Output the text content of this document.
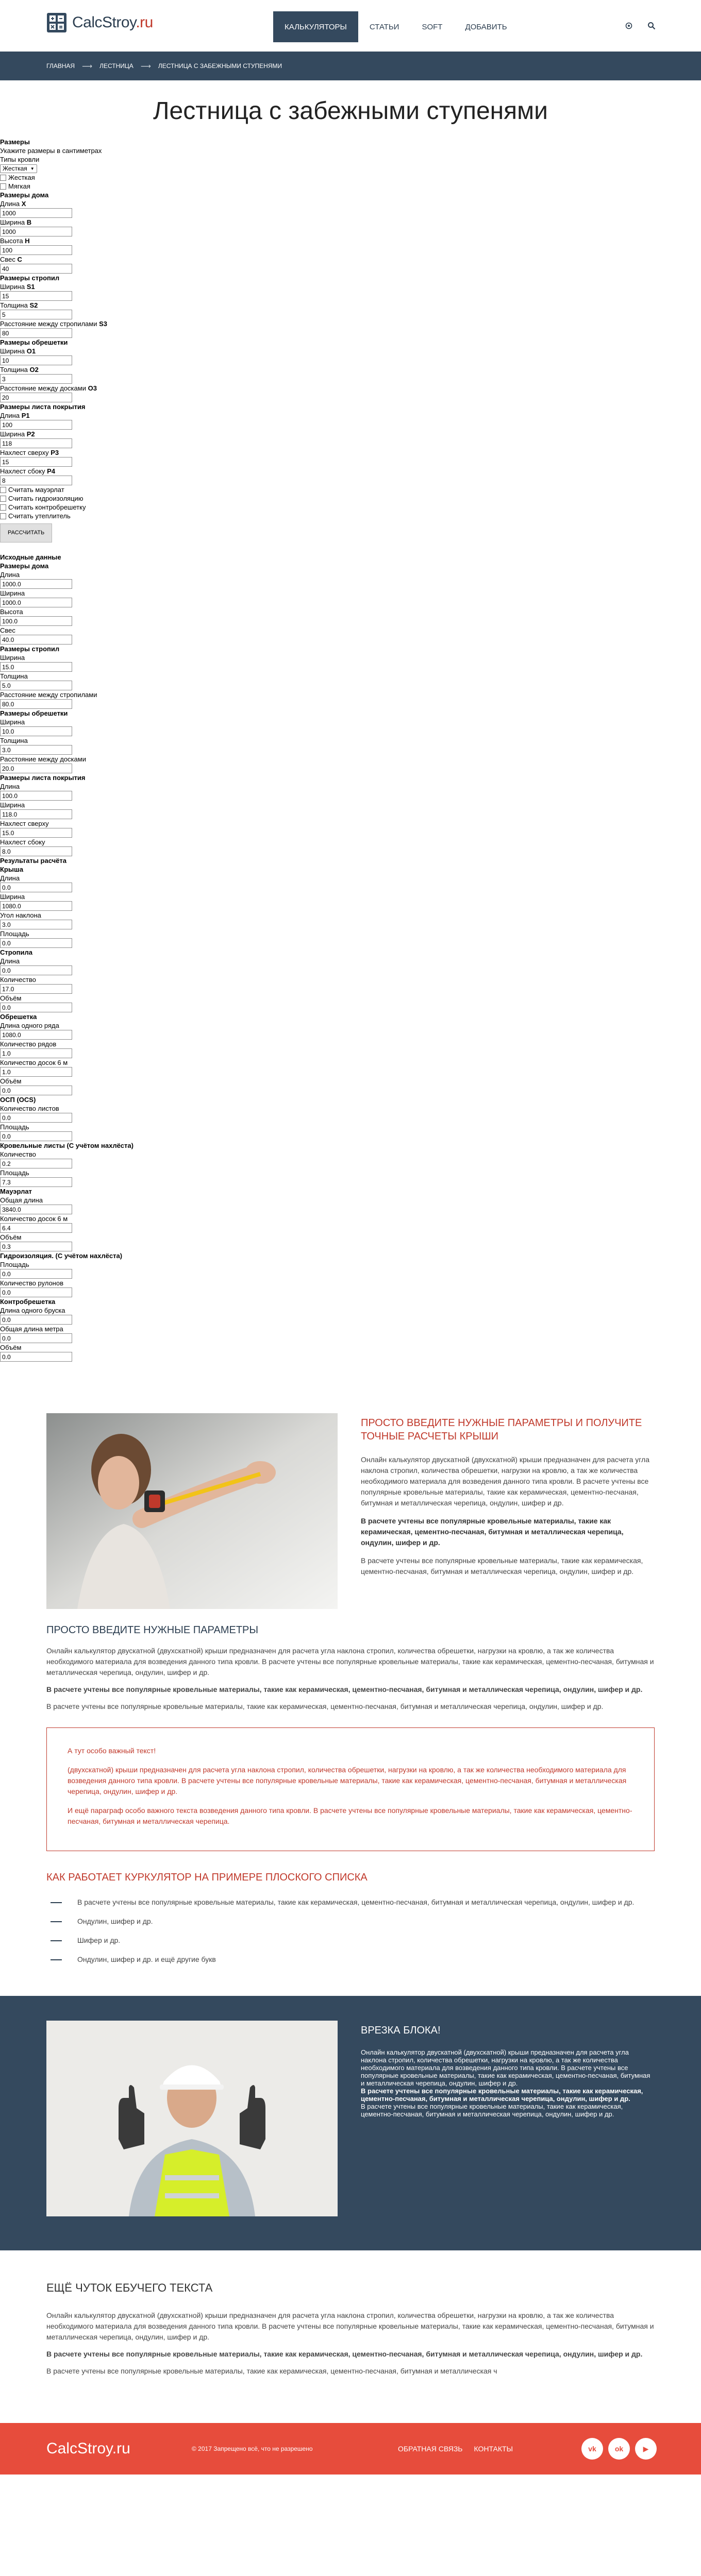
CalcStroy.ru	КАЛЬКУЛЯТОРЫ	СТАТЬИ	SOFT	ДОБАВИТЬ
ГЛАВНАЯ ⟶ ЛЕСТНИЦА ⟶ ЛЕСТНИЦА С ЗАБЕЖНЫМИ СТУПЕНЯМИ
Лестница с забежными ступенями
Размеры
Укажите размеры в сантиметрах
Типы кровли
Жесткая ▼
Жесткая
Мягкая
Размеры дома
Длина X
1000
Ширина B
1000
Высота H
100
Свес C
40
Размеры стропил
Ширина S1
15
Толщина S2
5
Расстояние между стропилами S3
80
Размеры обрешетки
Ширина O1
10
Толщина O2
3
Расстояние между досками O3
20
Размеры листа покрытия
Длина P1
100
Ширина P2
118
Нахлест сверху P3
15
Нахлест сбоку P4
8
Считать мауэрлат
Считать гидроизоляцию
Считать контробрешетку
Считать утеплитель
РАССЧИТАТЬ
Исходные данные
Размеры дома
Длина
1000.0
Ширина
1000.0
Высота
100.0
Свес
40.0
Размеры стропил
Ширина
15.0
Толщина
5.0
Расстояние между стропилами
80.0
Размеры обрешетки
Ширина
10.0
Толщина
3.0
Расстояние между досками
20.0
Размеры листа покрытия
Длина
100.0
Ширина
118.0
Нахлест сверху
15.0
Нахлест сбоку
8.0
Результаты расчёта
Крыша
Длина
0.0
Ширина
1080.0
Угол наклона
3.0
Площадь
0.0
Стропила
Длина
0.0
Количество
17.0
Объём
0.0
Обрешетка
Длина одного ряда
1080.0
Количество рядов
1.0
Количество досок 6 м
1.0
Объём
0.0
ОСП (OCS)
Количество листов
0.0
Площадь
0.0
Кровельные листы (С учётом нахлёста)
Количество
0.2
Площадь
7.3
Мауэрлат
Общая длина
3840.0
Количество досок 6 м
6.4
Объём
0.3
Гидроизоляция. (С учётом нахлёста)
Площадь
0.0
Количество рулонов
0.0
Контробрешетка
Длина одного бруска
0.0
Общая длина метра
0.0
Объём
0.0
ПРОСТО ВВЕДИТЕ НУЖНЫЕ ПАРАМЕТРЫ И ПОЛУЧИТЕ ТОЧНЫЕ РАСЧЕТЫ КРЫШИ

Онлайн калькулятор двускатной (двухскатной) крыши предназначен для расчета угла наклона стропил, количества обрешетки, нагрузки на кровлю, а так же количества необходимого материала для возведения данного типа кровли. В расчете учтены все популярные кровельные материалы, такие как керамическая, цементно-песчаная, битумная и металлическая черепица, ондулин, шифер и др.

В расчете учтены все популярные кровельные материалы, такие как керамическая, цементно-песчаная, битумная и металлическая черепица, ондулин, шифер и др.

В расчете учтены все популярные кровельные материалы, такие как керамическая, цементно-песчаная, битумная и металлическая черепица, ондулин, шифер и др.

ПРОСТО ВВЕДИТЕ НУЖНЫЕ ПАРАМЕТРЫ

Онлайн калькулятор двускатной (двухскатной) крыши предназначен для расчета угла наклона стропил, количества обрешетки, нагрузки на кровлю, а так же количества необходимого материала для возведения данного типа кровли. В расчете учтены все популярные кровельные материалы, такие как керамическая, цементно-песчаная, битумная и металлическая черепица, ондулин, шифер и др.

В расчете учтены все популярные кровельные материалы, такие как керамическая, цементно-песчаная, битумная и металлическая черепица, ондулин, шифер и др.

В расчете учтены все популярные кровельные материалы, такие как керамическая, цементно-песчаная, битумная и металлическая черепица, ондулин, шифер и др.

А тут особо важный текст!

(двухскатной) крыши предназначен для расчета угла наклона стропил, количества обрешетки, нагрузки на кровлю, а так же количества необходимого материала для возведения данного типа кровли. В расчете учтены все популярные кровельные материалы, такие как керамическая, цементно-песчаная, битумная и металлическая черепица, ондулин, шифер и др.

И ещё параграф особо важного текста возведения данного типа кровли. В расчете учтены все популярные кровельные материалы, такие как керамическая, цементно-песчаная, битумная и металлическая черепица.

КАК РАБОТАЕТ КУРКУЛЯТОР НА ПРИМЕРЕ ПЛОСКОГО СПИСКА
В расчете учтены все популярные кровельные материалы, такие как керамическая, цементно-песчаная, битумная и металлическая черепица, ондулин, шифер и др.
Ондулин, шифер и др.
Шифер и др.
Ондулин, шифер и др. и ещё другие букв
ВРЕЗКА БЛОКА!

Онлайн калькулятор двускатной (двухскатной) крыши предназначен для расчета угла наклона стропил, количества обрешетки, нагрузки на кровлю, а так же количества необходимого материала для возведения данного типа кровли. В расчете учтены все популярные кровельные материалы, такие как керамическая, цементно-песчаная, битумная и металлическая черепица, ондулин, шифер и др.

В расчете учтены все популярные кровельные материалы, такие как керамическая, цементно-песчаная, битумная и металлическая черепица, ондулин, шифер и др.

В расчете учтены все популярные кровельные материалы, такие как керамическая, цементно-песчаная, битумная и металлическая черепица, ондулин, шифер и др.

ЕЩЁ ЧУТОК ЕБУЧЕГО ТЕКСТА

Онлайн калькулятор двускатной (двухскатной) крыши предназначен для расчета угла наклона стропил, количества обрешетки, нагрузки на кровлю, а так же количества необходимого материала для возведения данного типа кровли. В расчете учтены все популярные кровельные материалы, такие как керамическая, цементно-песчаная, битумная и металлическая черепица, ондулин, шифер и др.

В расчете учтены все популярные кровельные материалы, такие как керамическая, цементно-песчаная, битумная и металлическая черепица, ондулин, шифер и др.

В расчете учтены все популярные кровельные материалы, такие как керамическая, цементно-песчаная, битумная и металлическая ч

CalcStroy.ru	© 2017 Запрещено всё, что не разрешено	ОБРАТНАЯ СВЯЗЬ КОНТАКТЫ	vk	ok	▶
